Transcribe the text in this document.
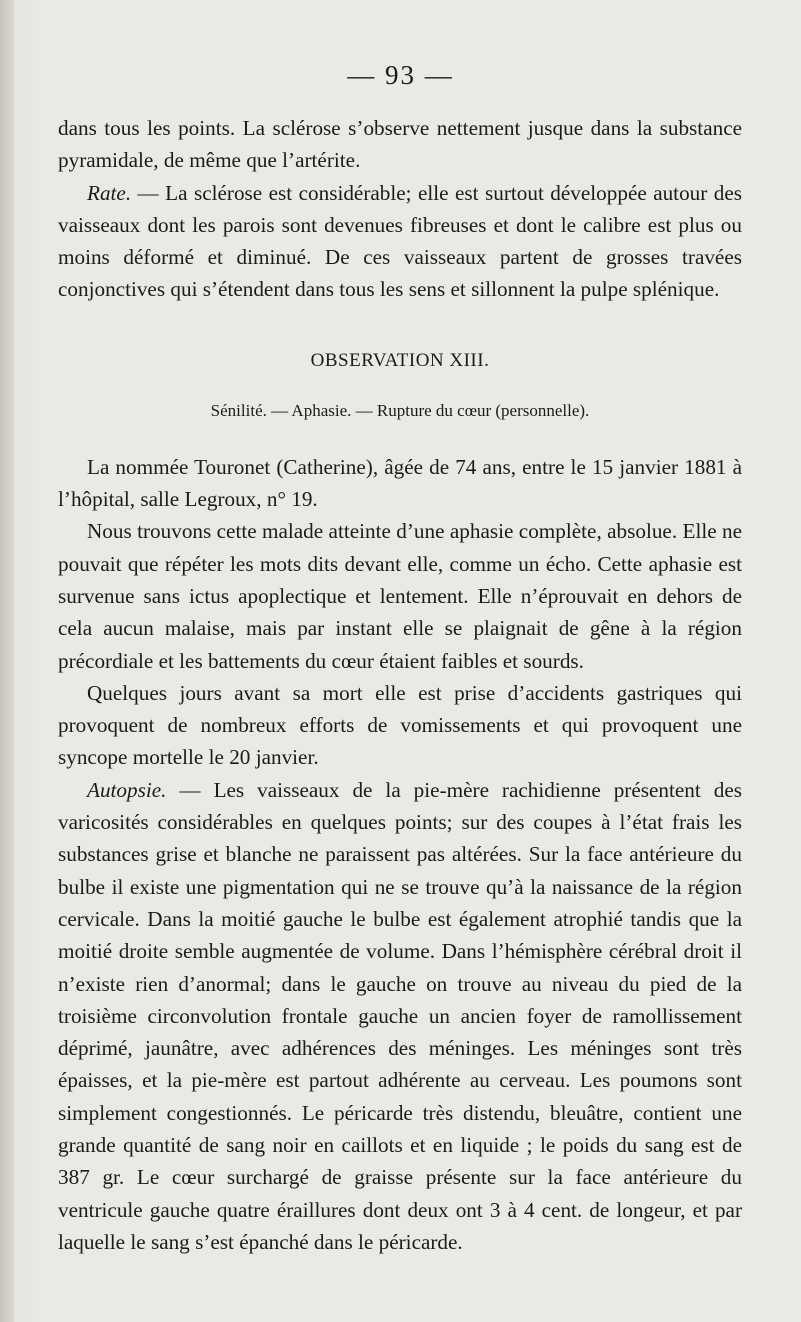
— 93 —

dans tous les points. La sclérose s’observe nettement jusque dans la substance pyramidale, de même que l’artérite.

Rate. — La sclérose est considérable; elle est surtout développée autour des vaisseaux dont les parois sont devenues fibreuses et dont le calibre est plus ou moins déformé et diminué. De ces vaisseaux partent de grosses travées conjonctives qui s’étendent dans tous les sens et sillonnent la pulpe splénique.

OBSERVATION XIII.
Sénilité. — Aphasie. — Rupture du cœur (personnelle).

La nommée Touronet (Catherine), âgée de 74 ans, entre le 15 janvier 1881 à l’hôpital, salle Legroux, n° 19.

Nous trouvons cette malade atteinte d’une aphasie complète, absolue. Elle ne pouvait que répéter les mots dits devant elle, comme un écho. Cette aphasie est survenue sans ictus apoplectique et lentement. Elle n’éprouvait en dehors de cela aucun malaise, mais par instant elle se plaignait de gêne à la région précordiale et les battements du cœur étaient faibles et sourds.

Quelques jours avant sa mort elle est prise d’accidents gastriques qui provoquent de nombreux efforts de vomissements et qui provoquent une syncope mortelle le 20 janvier.

Autopsie. — Les vaisseaux de la pie-mère rachidienne présentent des varicosités considérables en quelques points; sur des coupes à l’état frais les substances grise et blanche ne paraissent pas altérées. Sur la face antérieure du bulbe il existe une pigmentation qui ne se trouve qu’à la naissance de la région cervicale. Dans la moitié gauche le bulbe est également atrophié tandis que la moitié droite semble augmentée de volume. Dans l’hémisphère cérébral droit il n’existe rien d’anormal; dans le gauche on trouve au niveau du pied de la troisième circonvolution frontale gauche un ancien foyer de ramollissement déprimé, jaunâtre, avec adhérences des méninges. Les méninges sont très épaisses, et la pie-mère est partout adhérente au cerveau. Les poumons sont simplement congestionnés. Le péricarde très distendu, bleuâtre, contient une grande quantité de sang noir en caillots et en liquide ; le poids du sang est de 387 gr. Le cœur surchargé de graisse présente sur la face antérieure du ventricule gauche quatre éraillures dont deux ont 3 à 4 cent. de longeur, et par laquelle le sang s’est épanché dans le péricarde.
